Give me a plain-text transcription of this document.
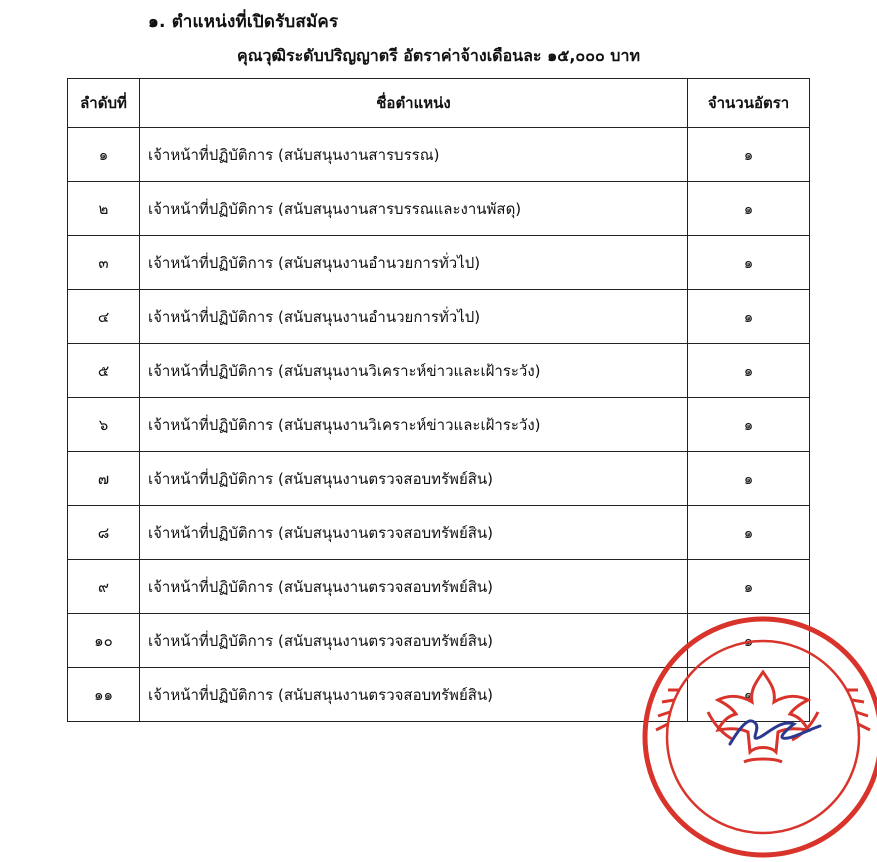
๑. ตำแหน่งที่เปิดรับสมัคร
คุณวุฒิระดับปริญญาตรี อัตราค่าจ้างเดือนละ ๑๕,๐๐๐ บาท
ลำดับที่	ชื่อตำแหน่ง	จำนวนอัตรา
๑	เจ้าหน้าที่ปฏิบัติการ (สนับสนุนงานสารบรรณ)	๑
๒	เจ้าหน้าที่ปฏิบัติการ (สนับสนุนงานสารบรรณและงานพัสดุ)	๑
๓	เจ้าหน้าที่ปฏิบัติการ (สนับสนุนงานอำนวยการทั่วไป)	๑
๔	เจ้าหน้าที่ปฏิบัติการ (สนับสนุนงานอำนวยการทั่วไป)	๑
๕	เจ้าหน้าที่ปฏิบัติการ (สนับสนุนงานวิเคราะห์ข่าวและเฝ้าระวัง)	๑
๖	เจ้าหน้าที่ปฏิบัติการ (สนับสนุนงานวิเคราะห์ข่าวและเฝ้าระวัง)	๑
๗	เจ้าหน้าที่ปฏิบัติการ (สนับสนุนงานตรวจสอบทรัพย์สิน)	๑
๘	เจ้าหน้าที่ปฏิบัติการ (สนับสนุนงานตรวจสอบทรัพย์สิน)	๑
๙	เจ้าหน้าที่ปฏิบัติการ (สนับสนุนงานตรวจสอบทรัพย์สิน)	๑
๑๐	เจ้าหน้าที่ปฏิบัติการ (สนับสนุนงานตรวจสอบทรัพย์สิน)	๑
๑๑	เจ้าหน้าที่ปฏิบัติการ (สนับสนุนงานตรวจสอบทรัพย์สิน)	๑
